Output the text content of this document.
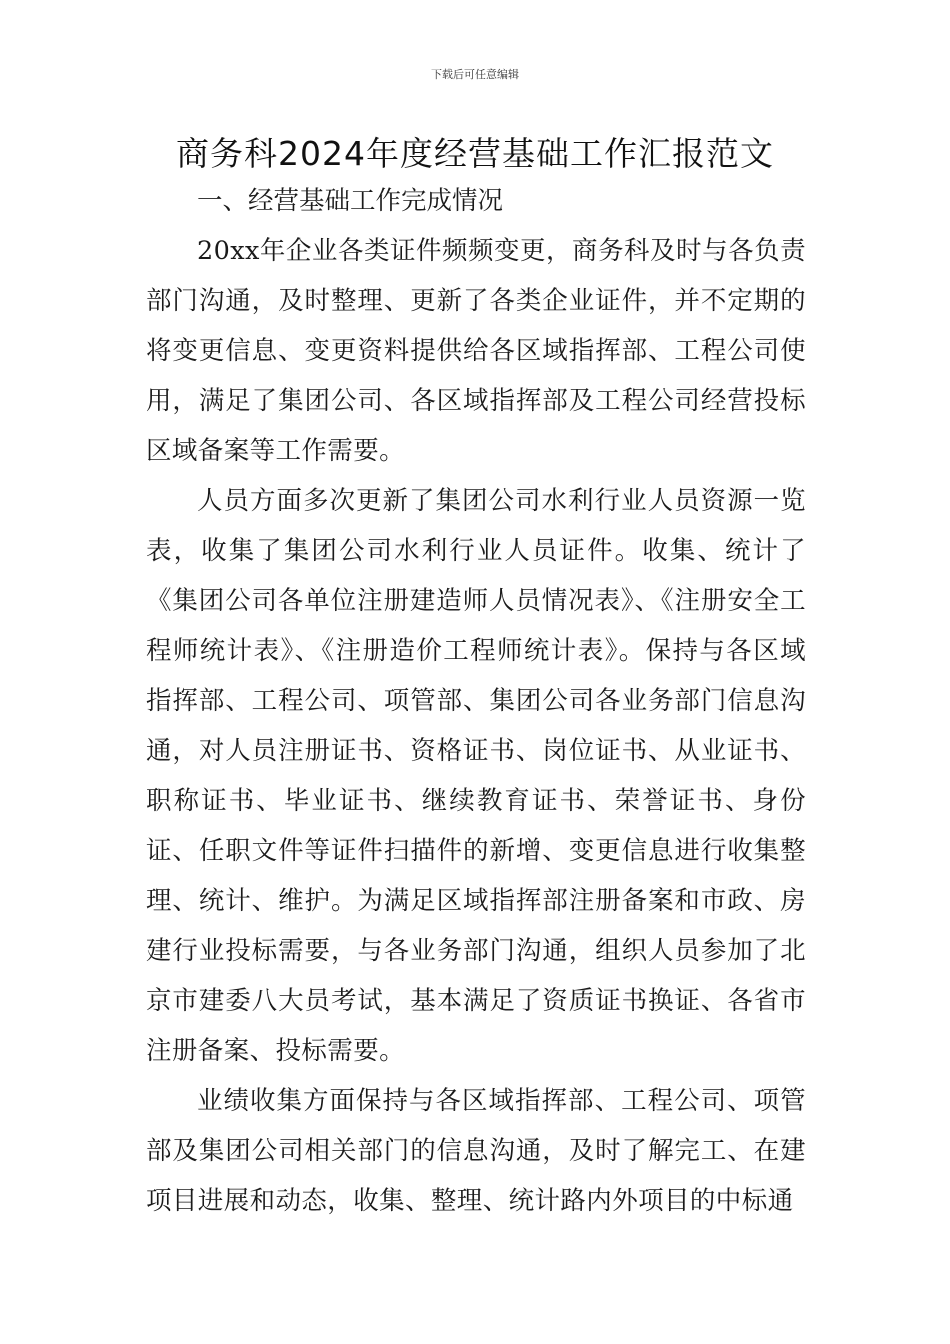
下载后可任意编辑
商务科2024年度经营基础工作汇报范文

一、经营基础工作完成情况

20xx年企业各类证件频频变更，商务科及时与各负责部门沟通，及时整理、更新了各类企业证件，并不定期的将变更信息、变更资料提供给各区域指挥部、工程公司使用，满足了集团公司、各区域指挥部及工程公司经营投标区域备案等工作需要。

人员方面多次更新了集团公司水利行业人员资源一览表，收集了集团公司水利行业人员证件。收集、统计了《集团公司各单位注册建造师人员情况表》、《注册安全工程师统计表》、《注册造价工程师统计表》。保持与各区域指挥部、工程公司、项管部、集团公司各业务部门信息沟通，对人员注册证书、资格证书、岗位证书、从业证书、职称证书、毕业证书、继续教育证书、荣誉证书、身份证、任职文件等证件扫描件的新增、变更信息进行收集整理、统计、维护。为满足区域指挥部注册备案和市政、房建行业投标需要，与各业务部门沟通，组织人员参加了北京市建委八大员考试，基本满足了资质证书换证、各省市注册备案、投标需要。

业绩收集方面保持与各区域指挥部、工程公司、项管部及集团公司相关部门的信息沟通，及时了解完工、在建项目进展和动态，收集、整理、统计路内外项目的中标通
